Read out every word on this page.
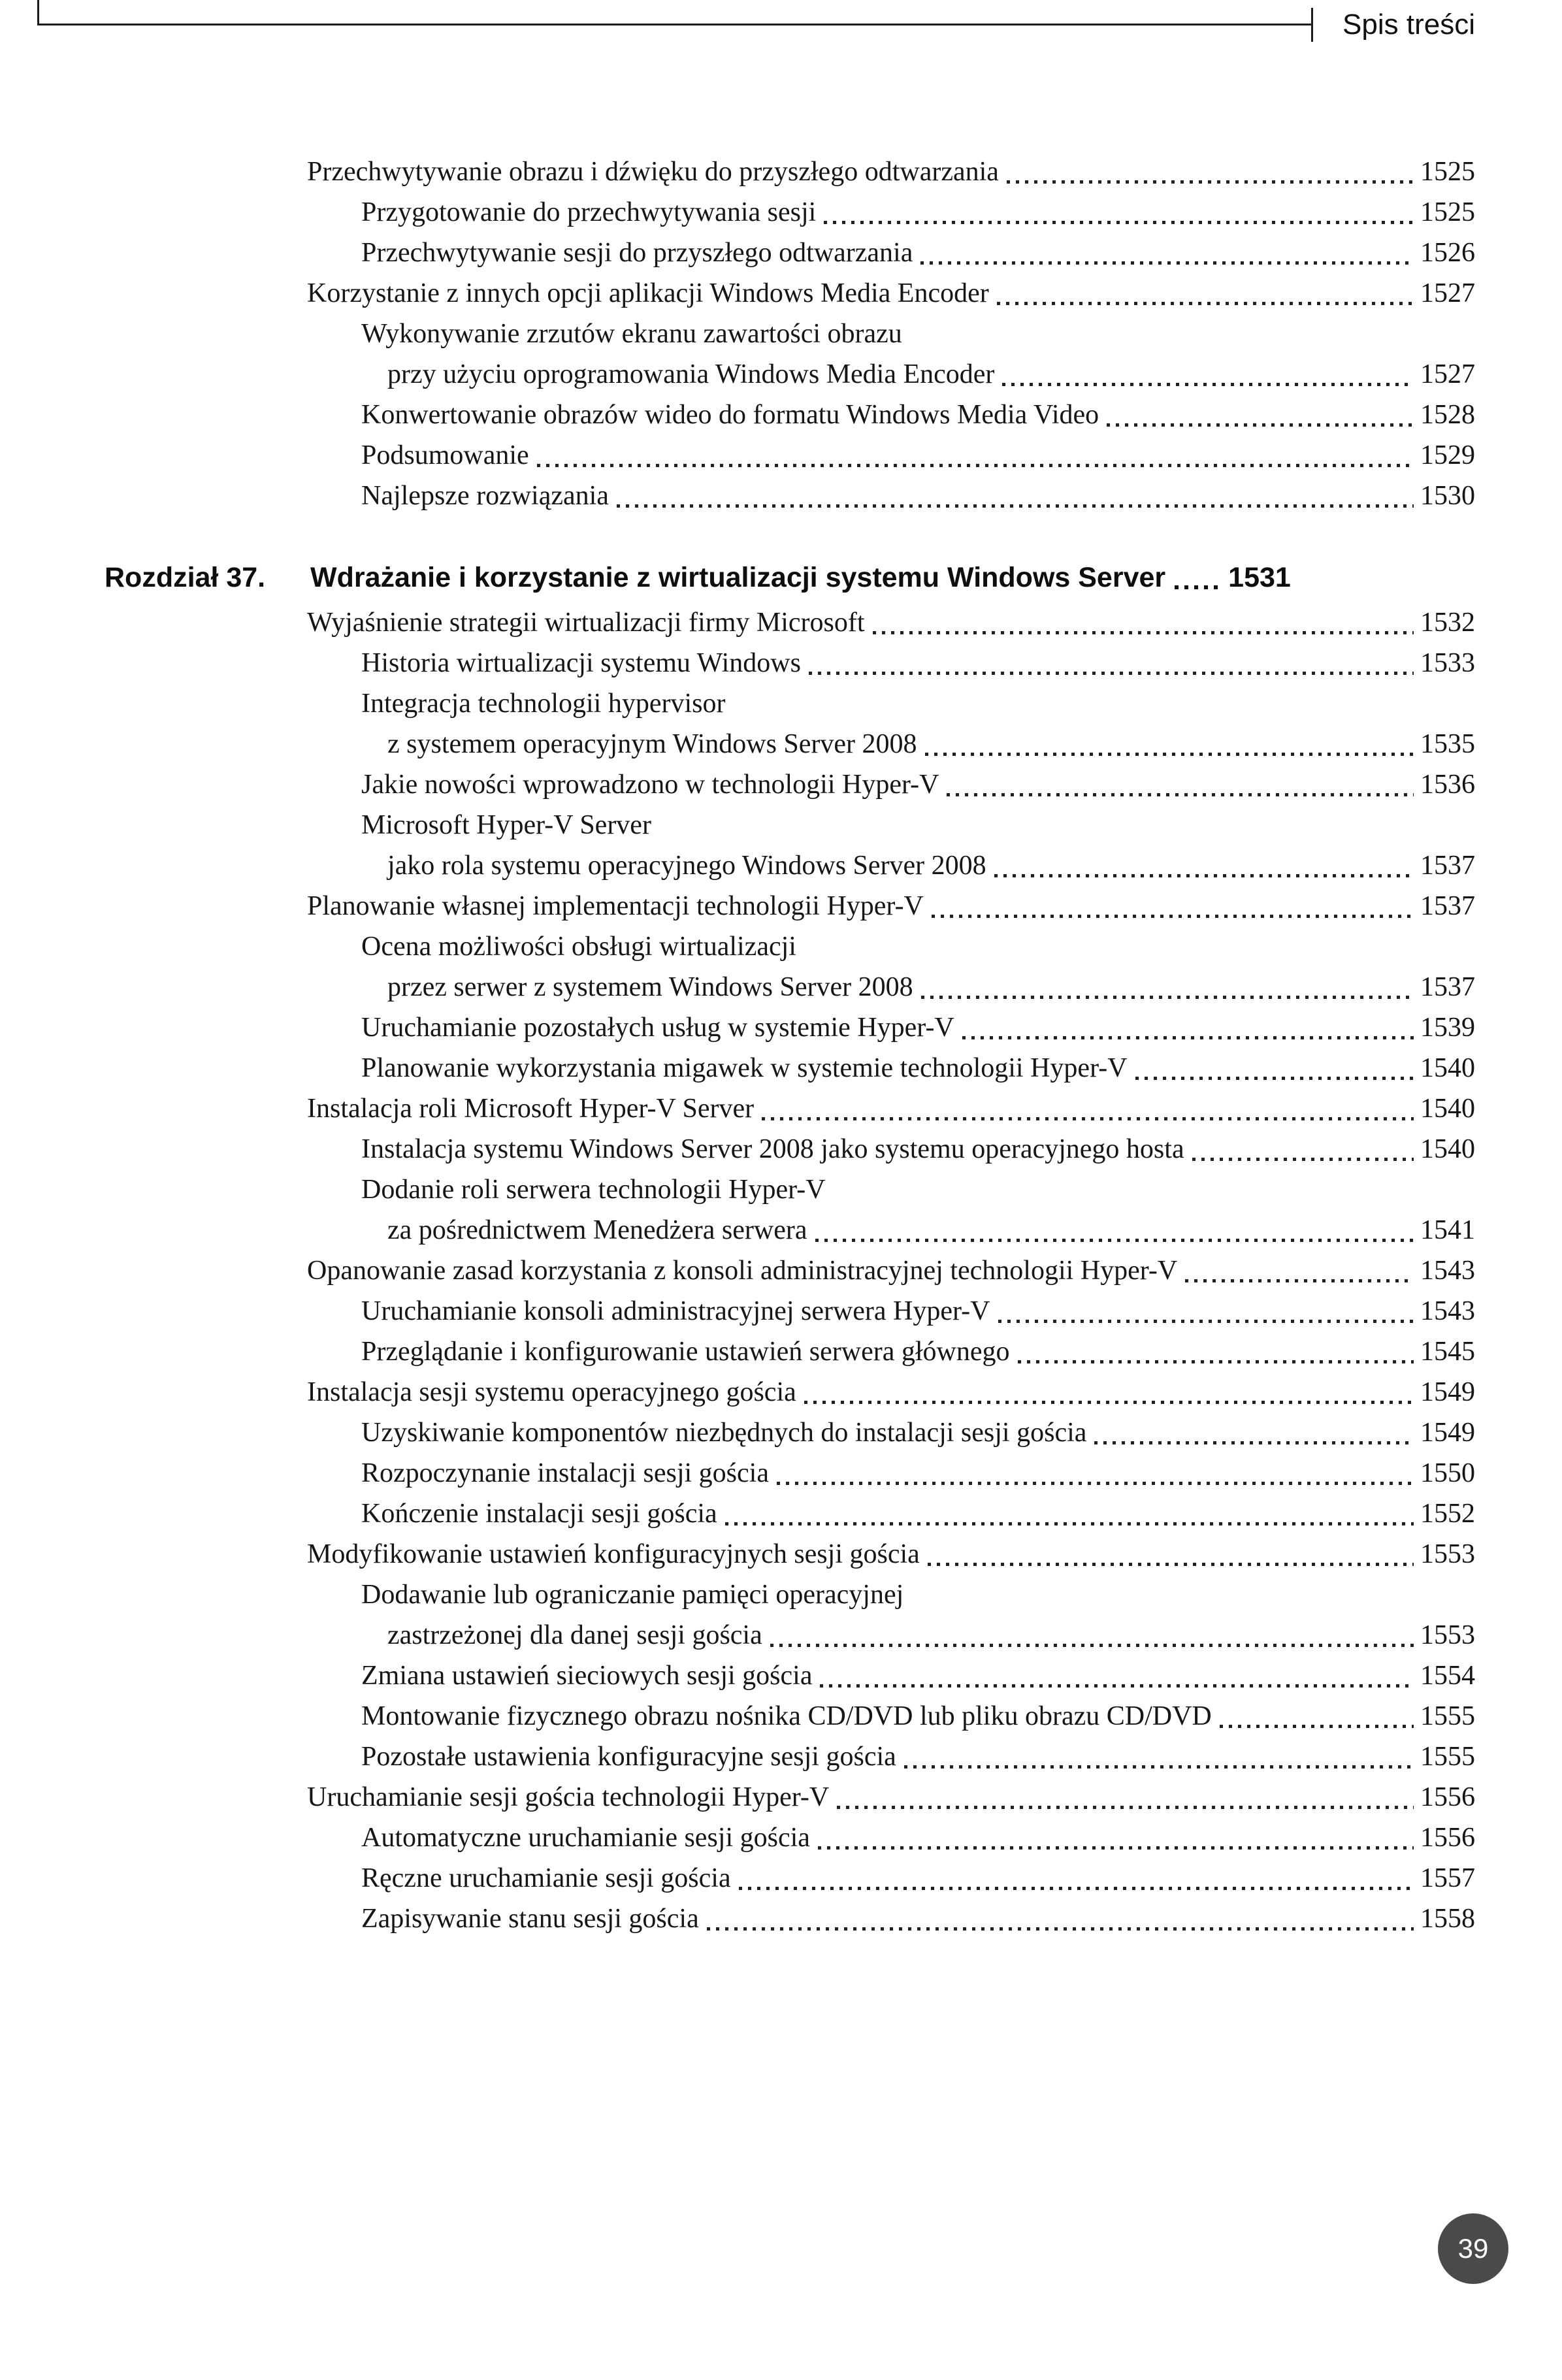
Spis treści
Przechwytywanie obrazu i dźwięku do przyszłego odtwarzania	1525
Przygotowanie do przechwytywania sesji	1525
Przechwytywanie sesji do przyszłego odtwarzania	1526
Korzystanie z innych opcji aplikacji Windows Media Encoder	1527
Wykonywanie zrzutów ekranu zawartości obrazu
przy użyciu oprogramowania Windows Media Encoder	1527
Konwertowanie obrazów wideo do formatu Windows Media Video	1528
Podsumowanie	1529
Najlepsze rozwiązania	1530
Rozdział 37.	Wdrażanie i korzystanie z wirtualizacji systemu Windows Server 1531
Wyjaśnienie strategii wirtualizacji firmy Microsoft	1532
Historia wirtualizacji systemu Windows	1533
Integracja technologii hypervisor
z systemem operacyjnym Windows Server 2008	1535
Jakie nowości wprowadzono w technologii Hyper-V	1536
Microsoft Hyper-V Server
jako rola systemu operacyjnego Windows Server 2008	1537
Planowanie własnej implementacji technologii Hyper-V	1537
Ocena możliwości obsługi wirtualizacji
przez serwer z systemem Windows Server 2008	1537
Uruchamianie pozostałych usług w systemie Hyper-V	1539
Planowanie wykorzystania migawek w systemie technologii Hyper-V	1540
Instalacja roli Microsoft Hyper-V Server	1540
Instalacja systemu Windows Server 2008 jako systemu operacyjnego hosta	1540
Dodanie roli serwera technologii Hyper-V
za pośrednictwem Menedżera serwera	1541
Opanowanie zasad korzystania z konsoli administracyjnej technologii Hyper-V	1543
Uruchamianie konsoli administracyjnej serwera Hyper-V	1543
Przeglądanie i konfigurowanie ustawień serwera głównego	1545
Instalacja sesji systemu operacyjnego gościa	1549
Uzyskiwanie komponentów niezbędnych do instalacji sesji gościa	1549
Rozpoczynanie instalacji sesji gościa	1550
Kończenie instalacji sesji gościa	1552
Modyfikowanie ustawień konfiguracyjnych sesji gościa	1553
Dodawanie lub ograniczanie pamięci operacyjnej
zastrzeżonej dla danej sesji gościa	1553
Zmiana ustawień sieciowych sesji gościa	1554
Montowanie fizycznego obrazu nośnika CD/DVD lub pliku obrazu CD/DVD	1555
Pozostałe ustawienia konfiguracyjne sesji gościa	1555
Uruchamianie sesji gościa technologii Hyper-V	1556
Automatyczne uruchamianie sesji gościa	1556
Ręczne uruchamianie sesji gościa	1557
Zapisywanie stanu sesji gościa	1558
39
